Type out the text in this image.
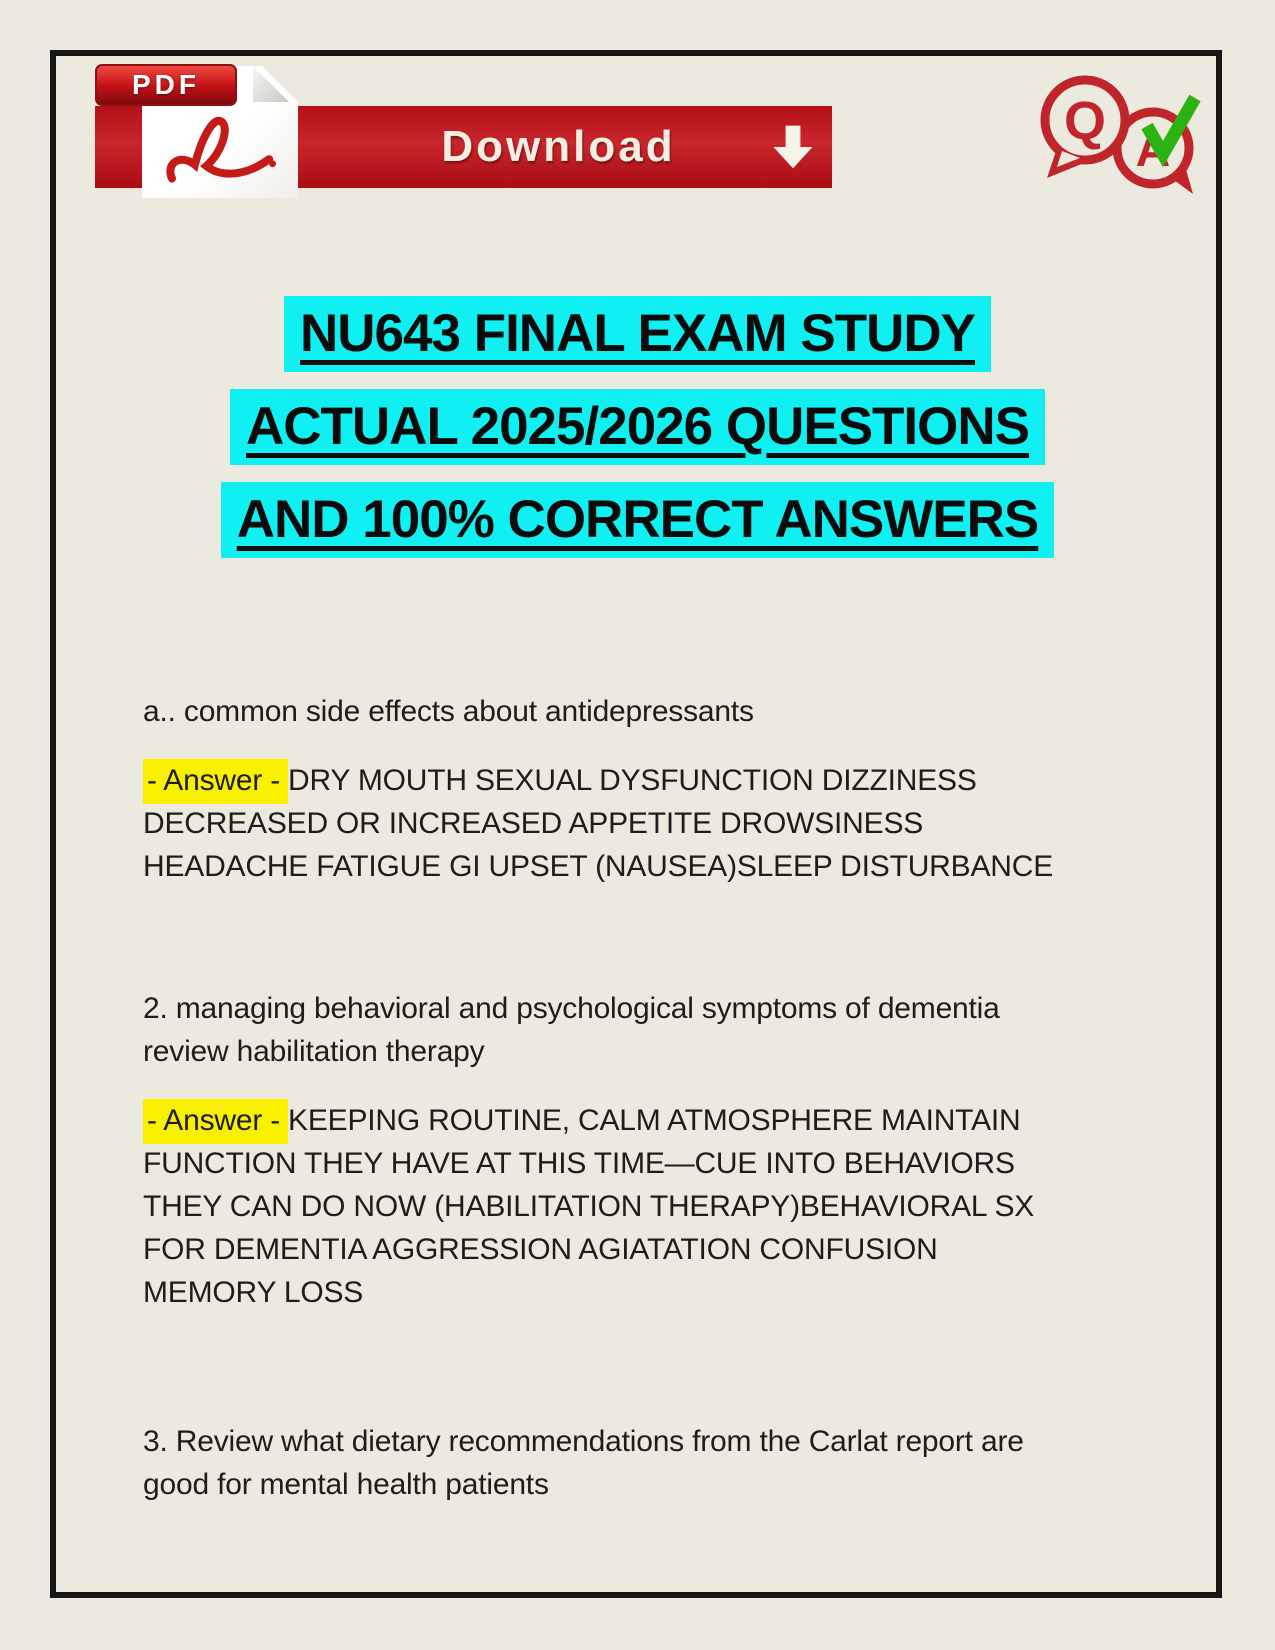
Download
PDF
Q A
NU643 FINAL EXAM STUDY
ACTUAL 2025/2026 QUESTIONS
AND 100% CORRECT ANSWERS

a.. common side effects about antidepressants

- Answer - DRY MOUTH SEXUAL DYSFUNCTION DIZZINESS DECREASED OR INCREASED APPETITE DROWSINESS HEADACHE FATIGUE GI UPSET (NAUSEA)SLEEP DISTURBANCE

2. managing behavioral and psychological symptoms of dementia review habilitation therapy

- Answer - KEEPING ROUTINE, CALM ATMOSPHERE MAINTAIN FUNCTION THEY HAVE AT THIS TIME—CUE INTO BEHAVIORS THEY CAN DO NOW (HABILITATION THERAPY)BEHAVIORAL SX FOR DEMENTIA AGGRESSION AGIATATION CONFUSION MEMORY LOSS

3. Review what dietary recommendations from the Carlat report are good for mental health patients
